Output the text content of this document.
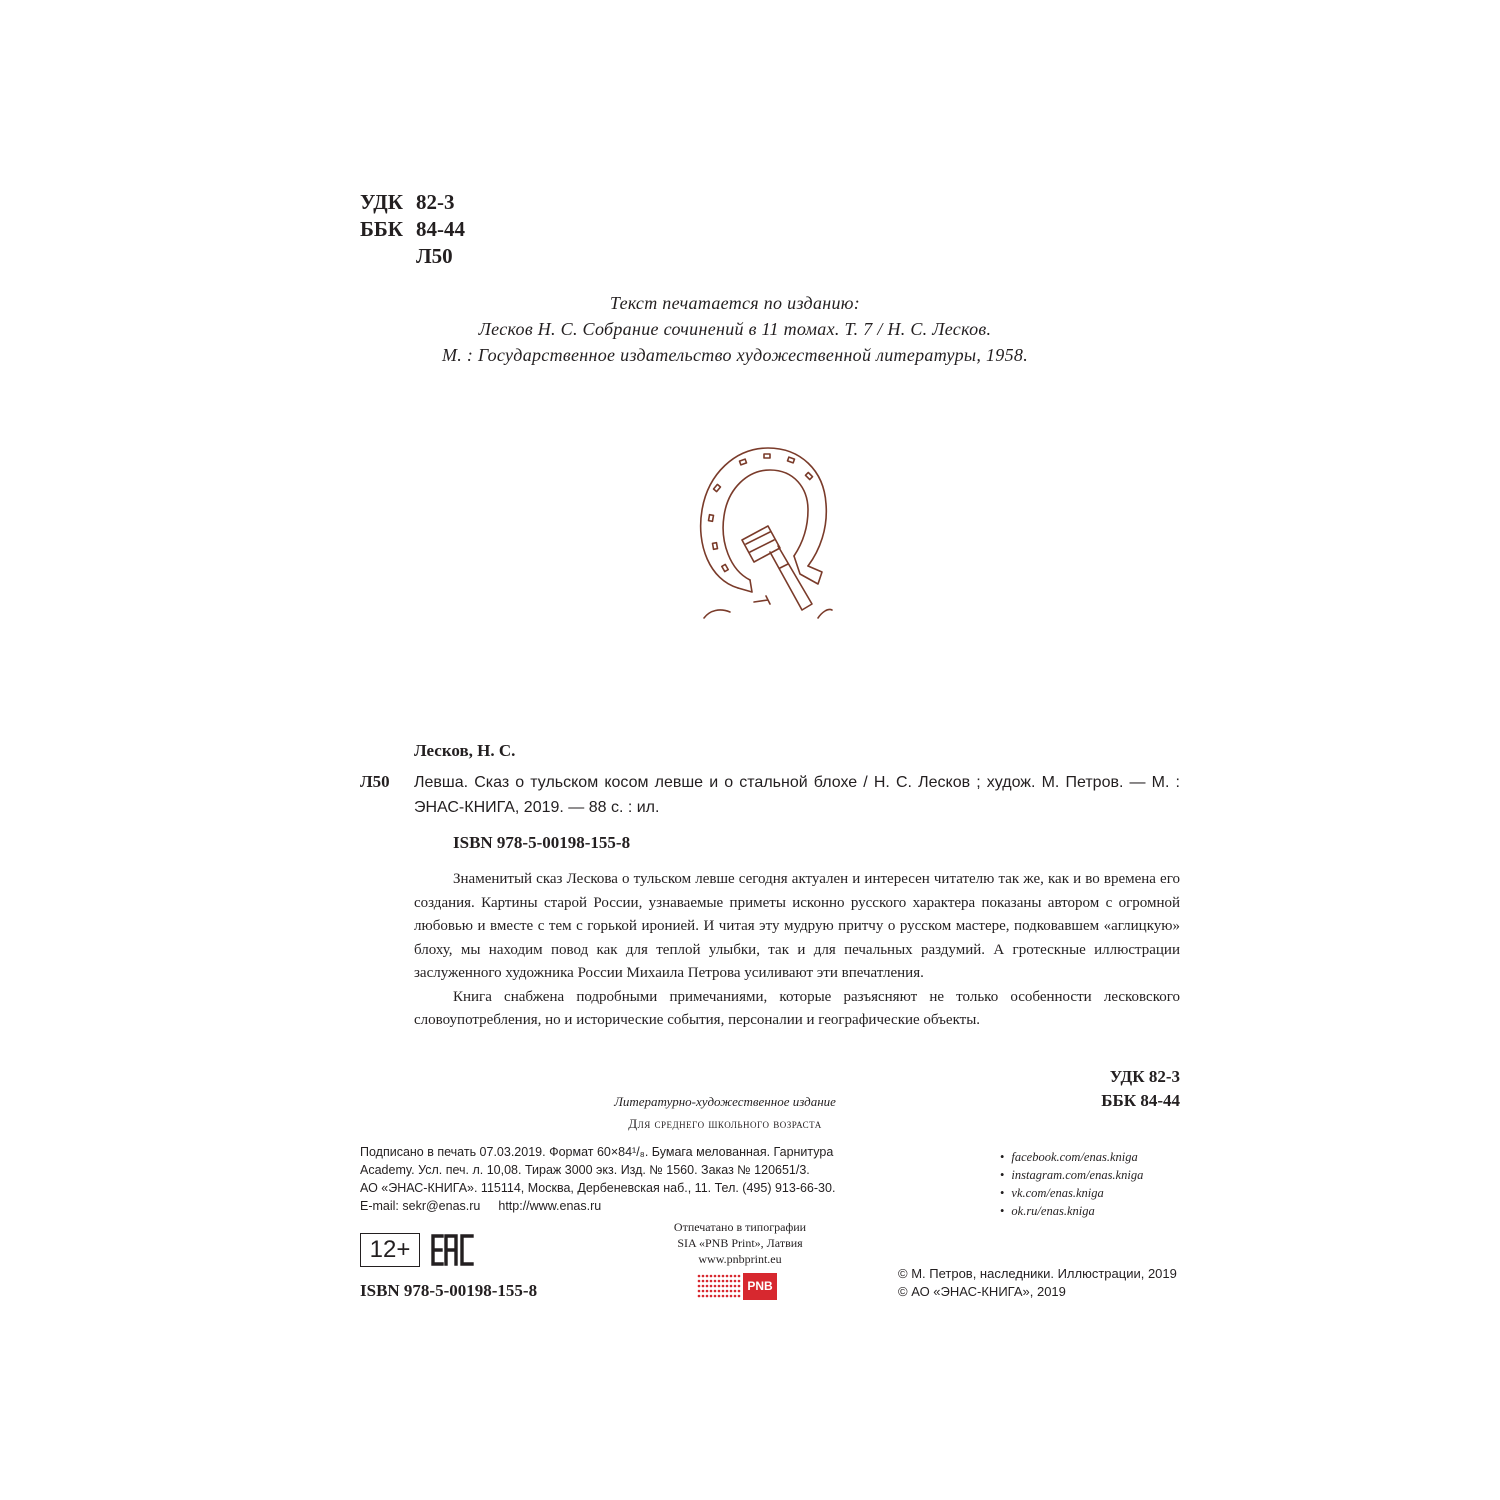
УДК 82-3
ББК 84-44
Л50
Текст печатается по изданию:
Лесков Н. С. Собрание сочинений в 11 томах. Т. 7 / Н. С. Лесков.
М. : Государственное издательство художественной литературы, 1958.
Лесков, Н. С.
Л50 Левша. Сказ о тульском косом левше и о стальной блохе / Н. С. Лесков ; худож. М. Петров. — М. : ЭНАС-КНИГА, 2019. — 88 с. : ил.
ISBN 978-5-00198-155-8

Знаменитый сказ Лескова о тульском левше сегодня актуален и интересен читателю так же, как и во времена его создания. Картины старой России, узнаваемые приметы исконно русского характера показаны автором с огромной любовью и вместе с тем с горькой иронией. И читая эту мудрую притчу о русском мастере, подковавшем «аглицкую» блоху, мы находим повод как для теплой улыбки, так и для печальных раздумий. А гротескные иллюстрации заслуженного художника России Михаила Петрова усиливают эти впечатления.

Книга снабжена подробными примечаниями, которые разъясняют не только особенности лесковского словоупотребления, но и исторические события, персоналии и географические объекты.

УДК 82-3
ББК 84-44
Литературно-художественное издание
Для среднего школьного возраста
Подписано в печать 07.03.2019. Формат 60×84¹/₈. Бумага мелованная. Гарнитура
Academy. Усл. печ. л. 10,08. Тираж 3000 экз. Изд. № 1560. Заказ № 120651/3.
АО «ЭНАС-КНИГА». 115114, Москва, Дербеневская наб., 11. Тел. (495) 913-66-30.
E-mail: sekr@enas.ru http://www.enas.ru
• facebook.com/enas.kniga
• instagram.com/enas.kniga
• vk.com/enas.kniga
• ok.ru/enas.kniga
12+
Отпечатано в типографии
SIA «PNB Print», Латвия
www.pnbprint.eu
PNB
ISBN 978-5-00198-155-8
© М. Петров, наследники. Иллюстрации, 2019
© АО «ЭНАС-КНИГА», 2019
